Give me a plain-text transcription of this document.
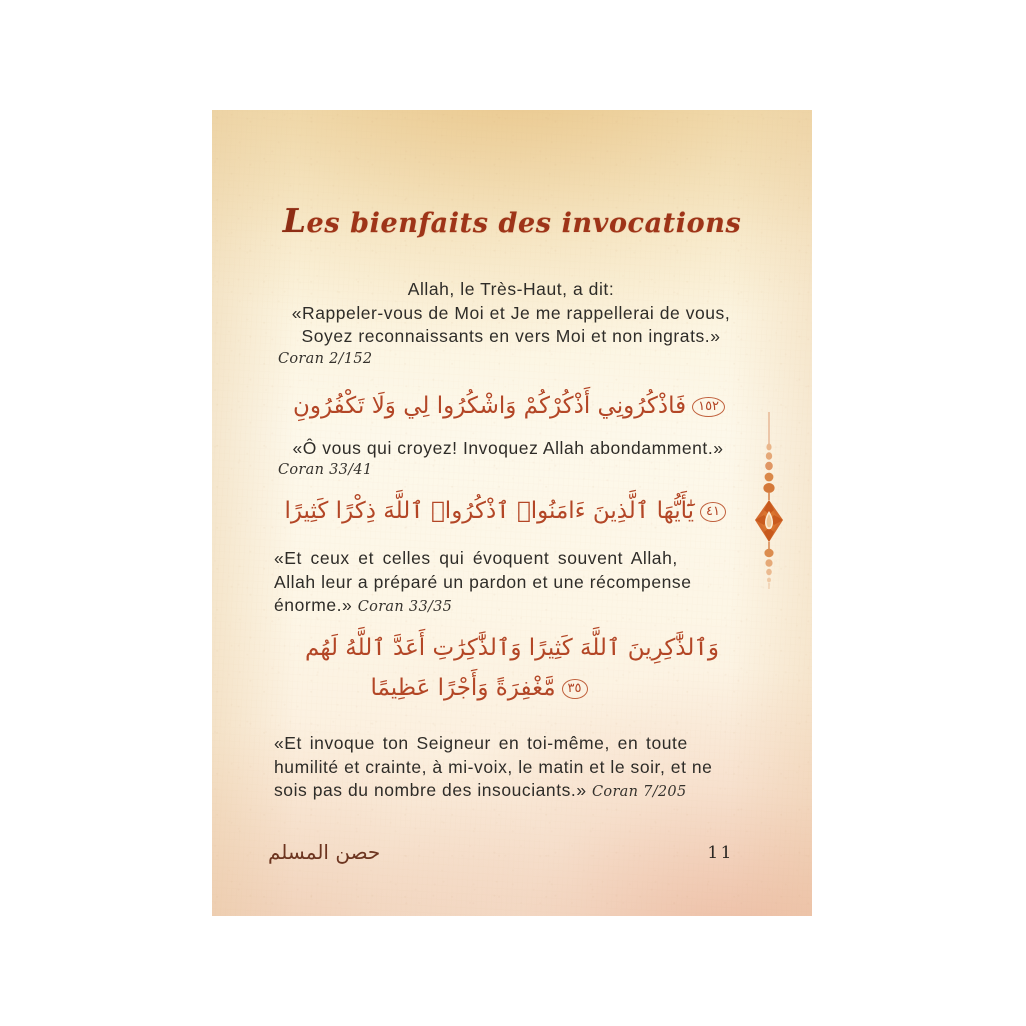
Les bienfaits des invocations
Allah, le Très-Haut, a dit:
«Rappeler-vous de Moi et Je me rappellerai de vous,
Soyez reconnaissants en vers Moi et non ingrats.»
Coran 2/152
١٥٢فَاذْكُرُونِي أَذْكُرْكُمْ وَاشْكُرُوا لِي وَلَا تَكْفُرُونِ
«Ô vous qui croyez! Invoquez Allah abondamment.»
Coran 33/41
٤١يَٰٓأَيُّهَا ٱلَّذِينَ ءَامَنُوا۟ ٱذْكُرُوا۟ ٱللَّهَ ذِكْرًا كَثِيرًا
«Et ceux et celles qui évoquent souvent Allah,
Allah leur a préparé un pardon et une récompense
énorme.» Coran 33/35
وَٱلذَّٰكِرِينَ ٱللَّهَ كَثِيرًا وَٱلذَّٰكِرَٰتِ أَعَدَّ ٱللَّهُ لَهُم
٣٥مَّغْفِرَةً وَأَجْرًا عَظِيمًا
«Et invoque ton Seigneur en toi-même, en toute
humilité et crainte, à mi-voix, le matin et le soir, et ne
sois pas du nombre des insouciants.» Coran 7/205
حصن المسلم	11
